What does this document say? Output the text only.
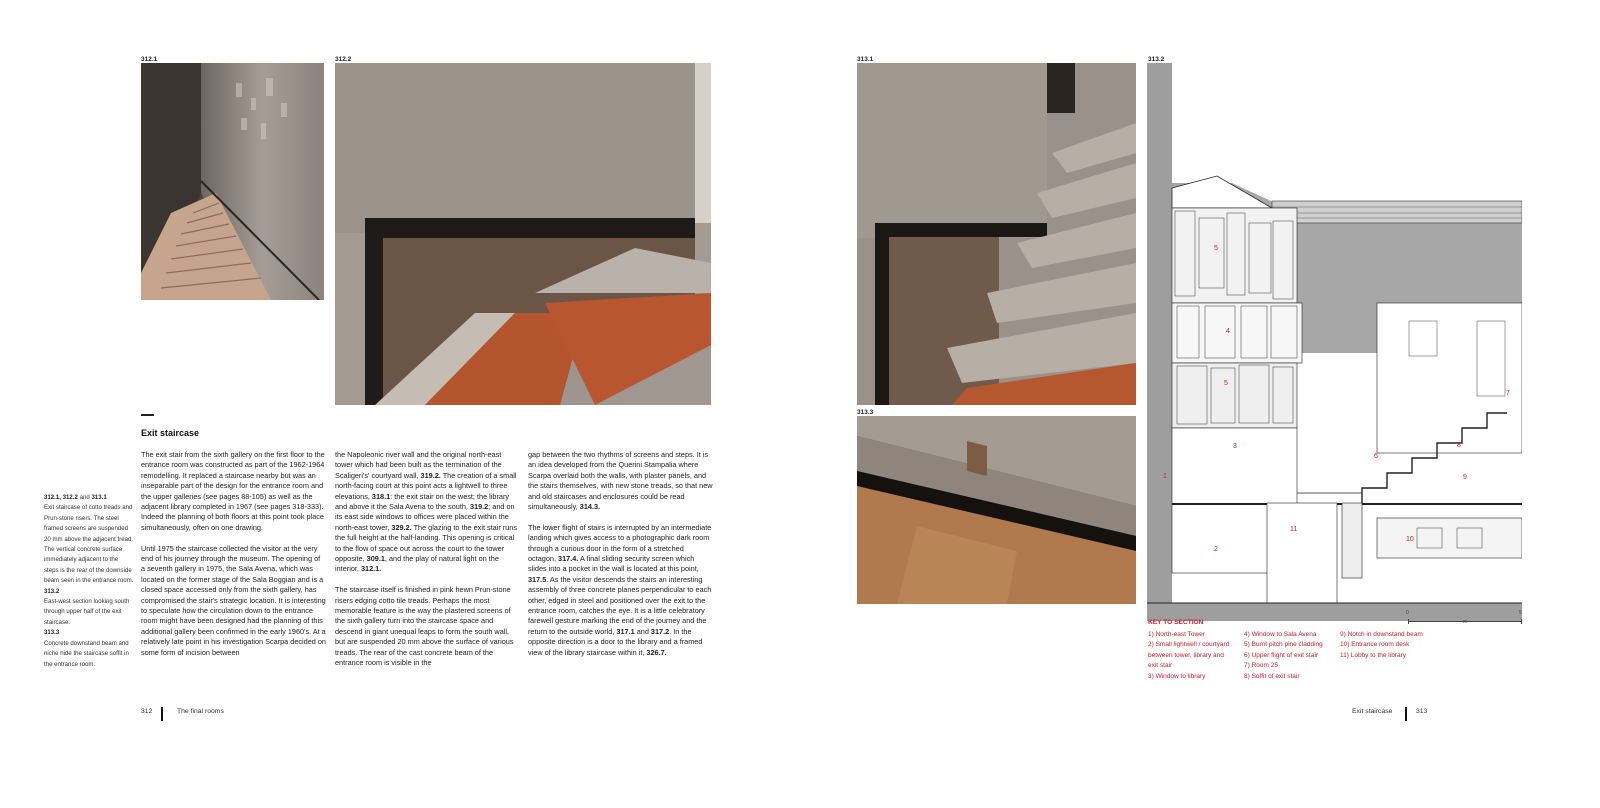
312.1	312.2	313.1	313.2
313.3
1
2
3
4
5
5
6
7
8
9
10
11
0	5
m
Exit staircase

The exit stair from the sixth gallery on the first floor to the entrance room was constructed as part of the 1962-1964 remodelling. It replaced a staircase nearby but was an inseparable part of the design for the entrance room and the upper galleries (see pages 88-105) as well as the adjacent library completed in 1967 (see pages 318-333). Indeed the planning of both floors at this point took place simultaneously, often on one drawing.

Until 1975 the staircase collected the visitor at the very end of his journey through the museum. The opening of a seventh gallery in 1975, the Sala Avena, which was located on the former stage of the Sala Boggian and is a closed space accessed only from the sixth gallery, has compromised the stair's strategic location. It is interesting to speculate how the circulation down to the entrance room might have been designed had the planning of this additional gallery been confirmed in the early 1960's. At a relatively late point in his investigation Scarpa decided on some form of incision between

the Napoleonic river wall and the original north-east tower which had been built as the termination of the Scaligeri's' courtyard wall, 319.2. The creation of a small north-facing court at this point acts a lightwell to three elevations, 318.1: the exit stair on the west; the library and above it the Sala Avena to the south, 319.2; and on its east side windows to offices were placed within the north-east tower, 329.2. The glazing to the exit stair runs the full height at the half-landing. This opening is critical to the flow of space out across the court to the tower opposite, 309.1, and the play of natural light on the interior, 312.1.

The staircase itself is finished in pink hewn Prun-stone risers edging cotto tile treads. Perhaps the most memorable feature is the way the plastered screens of the sixth gallery turn into the staircase space and descend in giant unequal leaps to form the south wall, but are suspended 20 mm above the surface of various treads. The rear of the cast concrete beam of the entrance room is visible in the

gap between the two rhythms of screens and steps. It is an idea developed from the Querini Stampalia where Scarpa overlaid both the walls, with plaster panels, and the stairs themselves, with new stone treads, so that new and old staircases and enclosures could be read simultaneously, 314.3.

The lower flight of stairs is interrupted by an intermediate landing which gives access to a photographic dark room through a curious door in the form of a stretched octagon, 317.4. A final sliding security screen which slides into a pocket in the wall is located at this point, 317.5. As the visitor descends the stairs an interesting assembly of three concrete planes perpendicular to each other, edged in steel and positioned over the exit to the entrance room, catches the eye. It is a little celebratory farewell gesture marking the end of the journey and the return to the outside world, 317.1 and 317.2. In the opposite direction is a door to the library and a framed view of the library staircase within it, 326.7.

312.1, 312.2 and 313.1
Exit staircase of cotto treads and Prun-stone risers. The steel framed screens are suspended 20 mm above the adjacent tread. The vertical concrete surface immediately adjacent to the steps is the rear of the downside beam seen in the entrance room.
313.2
East-west section looking south through upper half of the exit staircase.
313.3
Concrete downstand beam and niche hide the staircase soffit in the entrance room.
KEY TO SECTION
1) North-east Tower
2) Small lightwell / courtyard
between tower, library and
exit stair
3) Window to library
4) Window to Sala Avena
5) Burnt pitch pine cladding
6) Upper flight of exit stair
7) Room 25
8) Soffit of exit stair
9) Notch in downstand beam
10) Entrance room desk
11) Lobby to the library
312	The final rooms	Exit staircase	313
